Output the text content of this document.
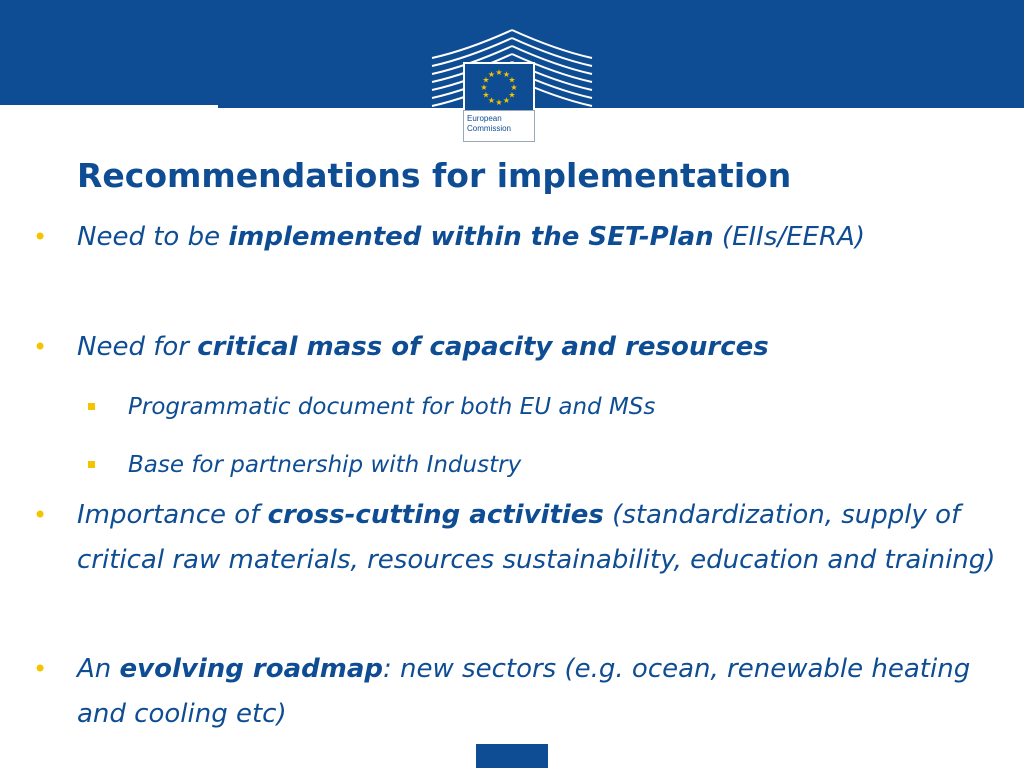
★ ★
★
★
★
★
★
★
★
★
★
★
European
Commission
Recommendations for implementation
• Need to be implemented within the SET-Plan (EIIs/EERA)
• Need for critical mass of capacity and resources
Programmatic document for both EU and MSs
Base for partnership with Industry
• Importance of cross-cutting activities (standardization, supply of critical raw materials, resources sustainability, education and training)
• An evolving roadmap: new sectors (e.g. ocean, renewable heating and cooling etc)
